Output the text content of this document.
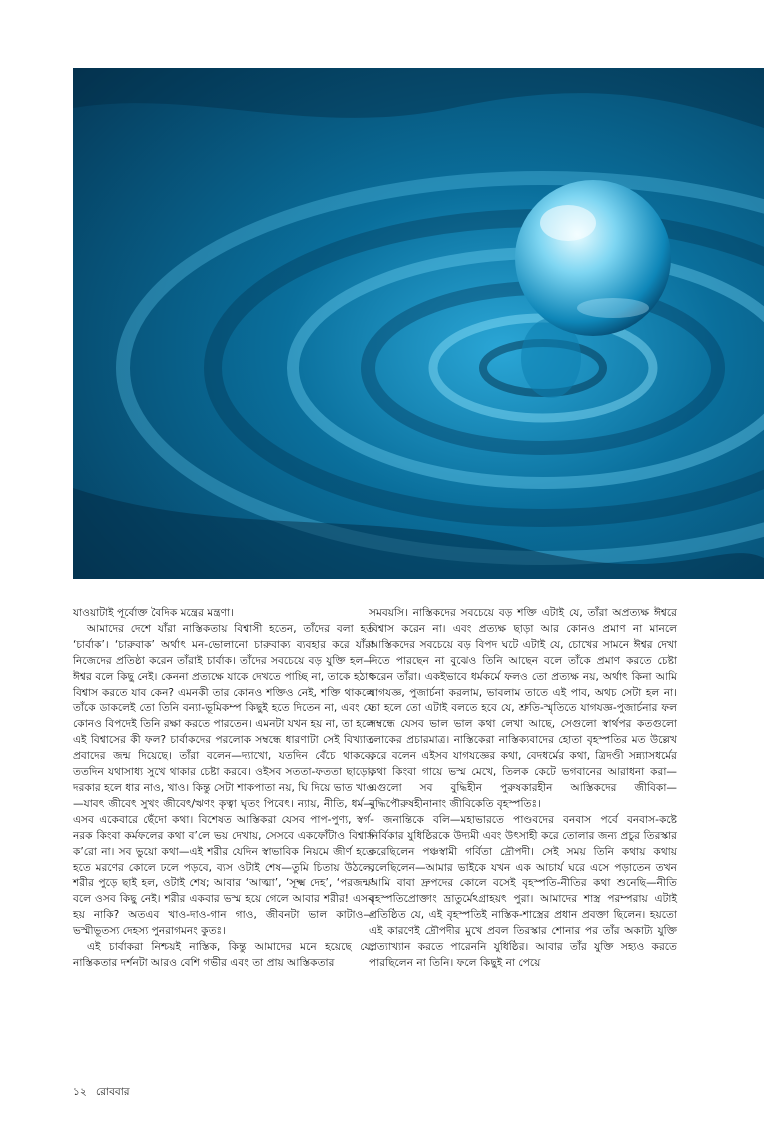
যাওয়াটাই পূর্বোক্ত বৈদিক মন্ত্রের মন্ত্রণা।

আমাদের দেশে যাঁরা নাস্তিকতায় বিশ্বাসী হতেন, তাঁদের বলা হত ‘চার্বাক’। ‘চারুবাক’ অর্থাৎ মন-ভোলানো চারুবাক্য ব্যবহার করে যাঁরা নিজেদের প্রতিষ্ঠা করেন তাঁরাই চার্বাক। তাঁদের সবচেয়ে বড় যুক্তি হল—ঈশ্বর বলে কিছু নেই। কেননা প্রত্যক্ষে যাকে দেখতে পাচ্ছি না, তাকে হঠাৎ বিশ্বাস করতে যাব কেন? এমনকী তার কোনও শক্তিও নেই, শক্তি থাকলে তাঁকে ডাকলেই তো তিনি বন্যা-ভূমিকম্প কিছুই হতে দিতেন না, এবং যে কোনও বিপদেই তিনি রক্ষা করতে পারতেন। এমনটা যখন হয় না, তা হলে এই বিশ্বাসের কী ফল? চার্বাকদের পরলোক সম্বন্ধে ধারণাটা সেই বিখ্যাত প্রবাদের জন্ম দিয়েছে। তাঁরা বলেন—দ্যাখো, যতদিন বেঁচে থাকবে, ততদিন যথাসাধ্য সুখে থাকার চেষ্টা করবে। ওইসব সততা-ফততা ছাড়ো, দরকার হলে ধার নাও, খাও। কিন্তু সেটা শাকপাতা নয়, ঘি দিয়ে ভাত খাও—যাবৎ জীবেৎ সুখং জীবেৎ/ঋণং কৃত্বা ঘৃতং পিবেৎ। ন্যায়, নীতি, ধর্ম—এসব একেবারে ছেঁদো কথা। বিশেষত আস্তিকরা যেসব পাপ-পুণ্য, স্বর্গ-নরক কিংবা কর্মফলের কথা ব’লে ভয় দেখায়, সেসবে একফোঁটাও বিশ্বাস ক’রো না। সব ভুয়ো কথা—এই শরীর যেদিন স্বাভাবিক নিয়মে জীর্ণ হতে হতে মরণের কোলে ঢলে পড়বে, ব্যস ওটাই শেষ—তুমি চিতায় উঠলে, শরীর পুড়ে ছাই হল, ওটাই শেষ; আবার ‘আত্মা’, ‘সূক্ষ্ম দেহ’, ‘পরজন্ম’ বলে ওসব কিছু নেই। শরীর একবার ভস্ম হয়ে গেলে আবার শরীর! এসব হয় নাকি? অতএব খাও-দাও-গান গাও, জীবনটা ভাল কাটাও—ভস্মীভূতস্য দেহস্য পুনরাগমনং কুতঃ।

এই চার্বাকরা নিশ্চয়ই নাস্তিক, কিন্তু আমাদের মনে হয়েছে যে, নাস্তিকতার দর্শনটা আরও বেশি গভীর এবং তা প্রায় আস্তিকতার

সমবয়সি। নাস্তিকদের সবচেয়ে বড় শক্তি এটাই যে, তাঁরা অপ্রত্যক্ষ ঈশ্বরে বিশ্বাস করেন না। এবং প্রত্যক্ষ ছাড়া আর কোনও প্রমাণ না মানলে আস্তিকদের সবচেয়ে বড় বিপদ ঘটে এটাই যে, চোখের সামনে ঈশ্বর দেখা দিতে পারছেন না বুঝেও তিনি আছেন বলে তাঁকে প্রমাণ করতে চেষ্টা করেন তাঁরা। একইভাবে ধর্মকর্মে ফলও তো প্রত্যক্ষ নয়, অর্থাৎ কিনা আমি যাগযজ্ঞ, পুজার্চনা করলাম, ভাবলাম তাতে এই পাব, অথচ সেটা হল না। তা হলে তো এটাই বলতে হবে যে, শ্রুতি-স্মৃতিতে যাগযজ্ঞ-পুজার্চনার ফল সম্বন্ধে যেসব ভাল ভাল কথা লেখা আছে, সেগুলো স্বার্থপর কতগুলো লোকের প্রচারমাত্র। নাস্তিকেরা নাস্তিক্যবাদের হোতা বৃহস্পতির মত উল্লেখ করে বলেন এইসব যাগযজ্ঞের কথা, বেদধর্মের কথা, ত্রিদণ্ডী সন্ন্যাসধর্মের কথা কিংবা গায়ে ভস্ম মেখে, তিলক কেটে ভগবানের আরাধনা করা—এগুলো সব বুদ্ধিহীন পুরুষকারহীন আস্তিকদের জীবিকা—বুদ্ধিপৌরুষহীনানাং জীবিকেতি বৃহস্পতিঃ।

জনান্তিকে বলি—মহাভারতে পাণ্ডবদের বনবাস পর্বে বনবাস-কষ্টে নির্বিকার যুধিষ্ঠিরকে উদ্যমী এবং উৎসাহী করে তোলার জন্য প্রচুর তিরস্কার করেছিলেন পঞ্চস্বামী গর্বিতা দ্রৌপদী। সেই সময় তিনি কথায় কথায় বলেছিলেন—আমার ভাইকে যখন এক আচার্য ঘরে এসে পড়াতেন তখন আমি বাবা দ্রুপদের কোলে বসেই বৃহস্পতি-নীতির কথা শুনেছি—নীতি বৃহস্পতিপ্রোক্তাং ভ্রাতুর্মেঽগ্রাহয়ৎ পুরা। আমাদের শাস্ত্র পরম্পরায় এটাই প্রতিষ্ঠিত যে, এই বৃহস্পতিই নাস্তিক-শাস্ত্রের প্রধান প্রবক্তা ছিলেন। হয়তো এই কারণেই দ্রৌপদীর মুখে প্রবল তিরস্কার শোনার পর তাঁর অকাট্য যুক্তি প্রত্যাখ্যান করতে পারেননি যুধিষ্ঠির। আবার তাঁর যুক্তি সহ্যও করতে পারছিলেন না তিনি। ফলে কিছুই না পেয়ে

১২ রোববার
